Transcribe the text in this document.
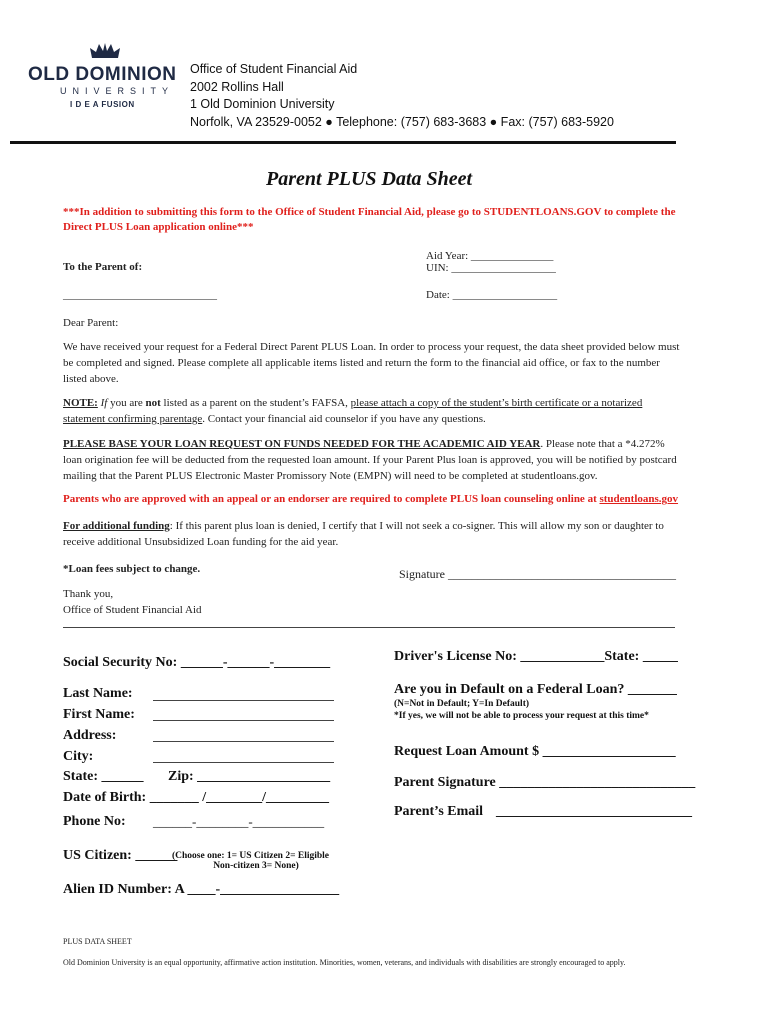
OLD DOMINION
UNIVERSITY
I D E A FUSION
Office of Student Financial Aid
2002 Rollins Hall
1 Old Dominion University
Norfolk, VA 23529-0052 ● Telephone: (757) 683-3683 ● Fax: (757) 683-5920
Parent PLUS Data Sheet
***In addition to submitting this form to the Office of Student Financial Aid, please go to STUDENTLOANS.GOV to complete the Direct PLUS Loan application online***
Aid Year: _______________
To the Parent of:	UIN: ___________________
____________________________	Date: ___________________
Dear Parent:
We have received your request for a Federal Direct Parent PLUS Loan. In order to process your request, the data sheet provided below must be completed and signed. Please complete all applicable items listed and return the form to the financial aid office, or fax to the number listed above.
NOTE: If you are not listed as a parent on the student’s FAFSA, please attach a copy of the student’s birth certificate or a notarized statement confirming parentage. Contact your financial aid counselor if you have any questions.
PLEASE BASE YOUR LOAN REQUEST ON FUNDS NEEDED FOR THE ACADEMIC AID YEAR. Please note that a *4.272% loan origination fee will be deducted from the requested loan amount. If your Parent Plus loan is approved, you will be notified by postcard mailing that the Parent PLUS Electronic Master Promissory Note (EMPN) will need to be completed at studentloans.gov.
Parents who are approved with an appeal or an endorser are required to complete PLUS loan counseling online at studentloans.gov
For additional funding: If this parent plus loan is denied, I certify that I will not seek a co-signer. This will allow my son or daughter to receive additional Unsubsidized Loan funding for the aid year.
*Loan fees subject to change.	Signature ______________________________________
Thank you,
Office of Student Financial Aid
Social Security No: ______-______-________	Driver's License No: ____________State: _____
Last Name:
First Name:
Address:
City:
Are you in Default on a Federal Loan? _______
(N=Not in Default; Y=In Default)
*If yes, we will not be able to process your request at this time*
Request Loan Amount $ ___________________
State: ______ Zip: ___________________	Parent Signature ____________________________
Date of Birth: _______ /________/_________
Parent’s Email ____________________________
Phone No: ______-________-___________
US Citizen: ______
(Choose one: 1= US Citizen 2= Eligible
Non-citizen 3= None)
Alien ID Number: A ____-_________________
PLUS DATA SHEET
Old Dominion University is an equal opportunity, affirmative action institution. Minorities, women, veterans, and individuals with disabilities are strongly encouraged to apply.
